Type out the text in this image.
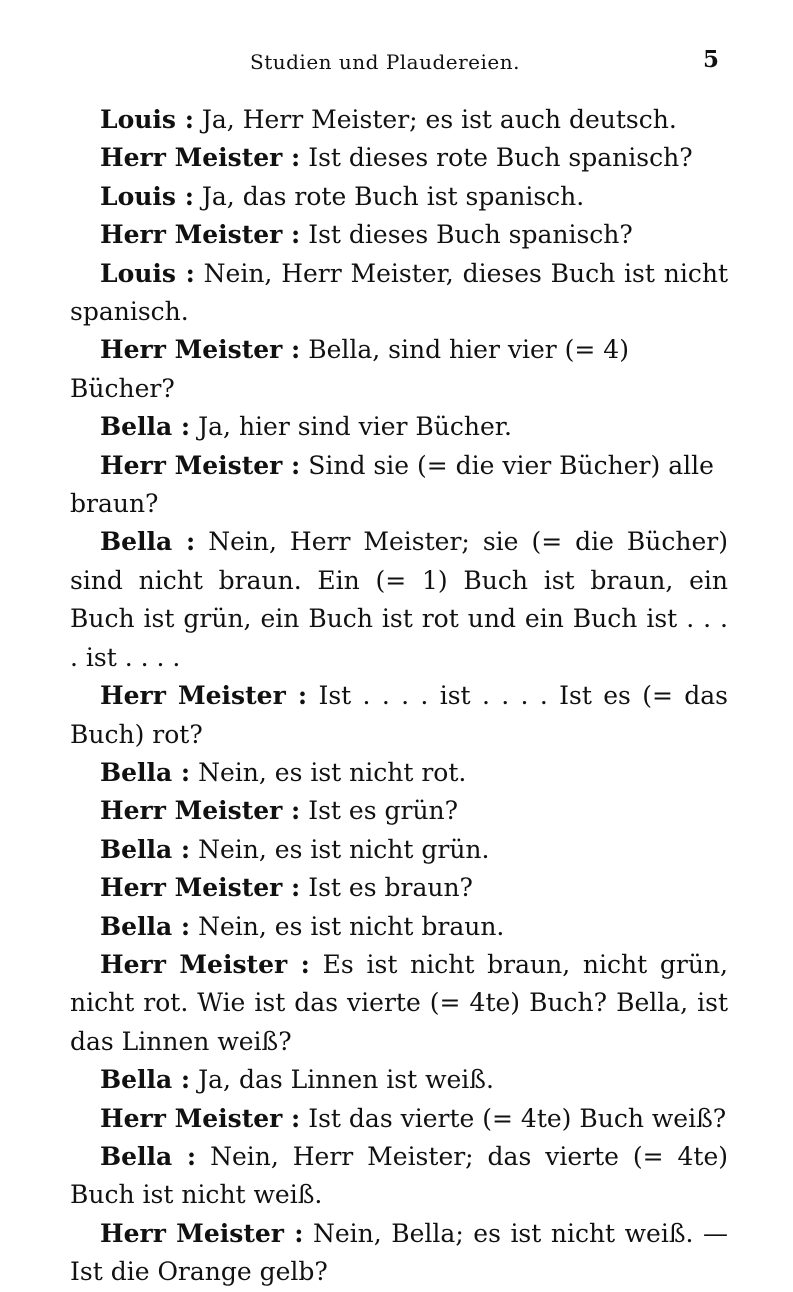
Studien und Plaudereien.	5

Louis : Ja, Herr Meister; es ist auch deutsch.

Herr Meister : Ist dieses rote Buch spanisch?

Louis : Ja, das rote Buch ist spanisch.

Herr Meister : Ist dieses Buch spanisch?

Louis : Nein, Herr Meister, dieses Buch ist nicht spanisch.

Herr Meister : Bella, sind hier vier (= 4) Bücher?

Bella : Ja, hier sind vier Bücher.

Herr Meister : Sind sie (= die vier Bücher) alle braun?

Bella : Nein, Herr Meister; sie (= die Bücher) sind nicht braun. Ein (= 1) Buch ist braun, ein Buch ist grün, ein Buch ist rot und ein Buch ist . . . . ist . . . .

Herr Meister : Ist . . . . ist . . . . Ist es (= das Buch) rot?

Bella : Nein, es ist nicht rot.

Herr Meister : Ist es grün?

Bella : Nein, es ist nicht grün.

Herr Meister : Ist es braun?

Bella : Nein, es ist nicht braun.

Herr Meister : Es ist nicht braun, nicht grün, nicht rot. Wie ist das vierte (= 4te) Buch? Bella, ist das Linnen weiß?

Bella : Ja, das Linnen ist weiß.

Herr Meister : Ist das vierte (= 4te) Buch weiß?

Bella : Nein, Herr Meister; das vierte (= 4te) Buch ist nicht weiß.

Herr Meister : Nein, Bella; es ist nicht weiß. — Ist die Orange gelb?
